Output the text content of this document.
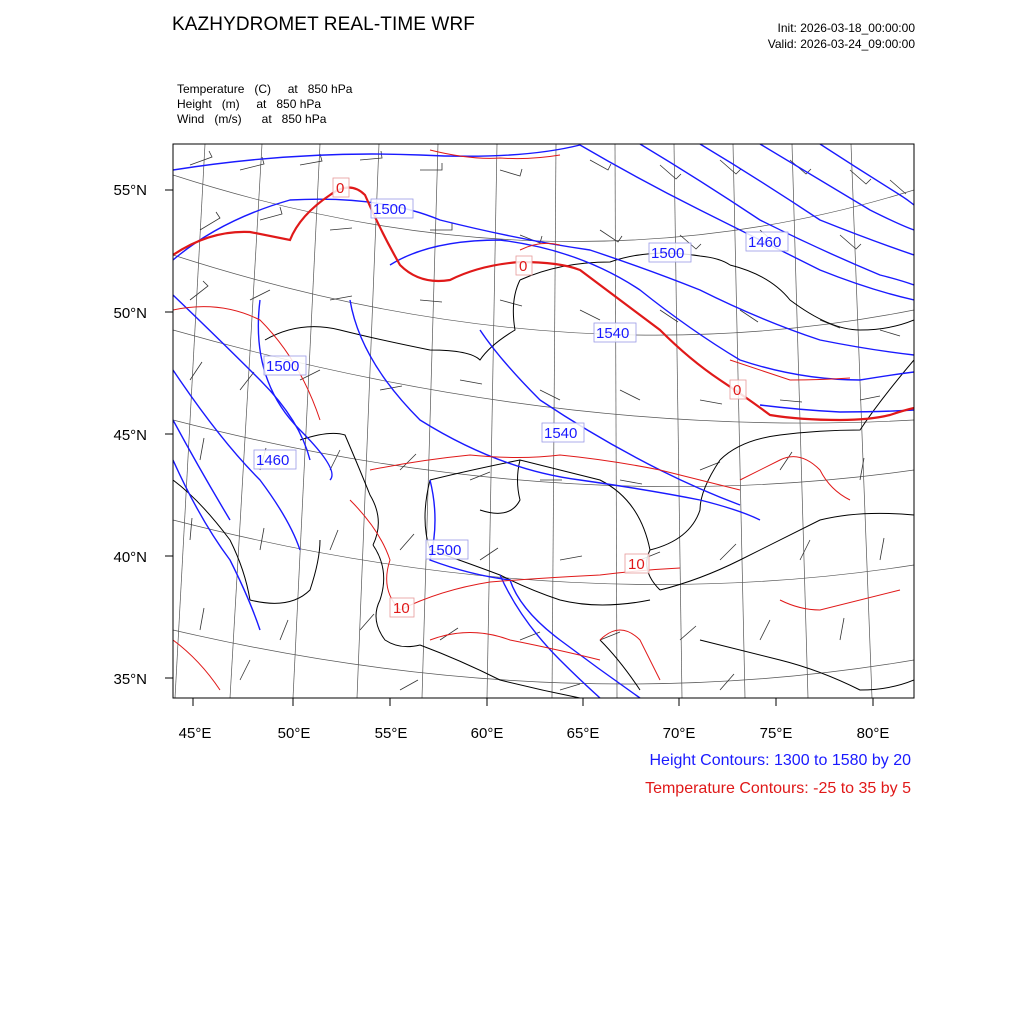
KAZHYDROMET REAL-TIME WRF	Init: 2026-03-18_00:00:00
Valid: 2026-03-24_09:00:00
Temperature   (C)     at   850 hPa
Height   (m)     at   850 hPa
Wind   (m/s)      at   850 hPa
55°N
50°N
45°N
40°N
35°N
45°E	50°E	55°E	60°E	65°E	70°E	75°E	80°E
1500
1460
1500
1540
1500
1540
1460
1500
0
0
0
10
10
Height Contours: 1300 to 1580 by 20
Temperature Contours: -25 to 35 by 5
